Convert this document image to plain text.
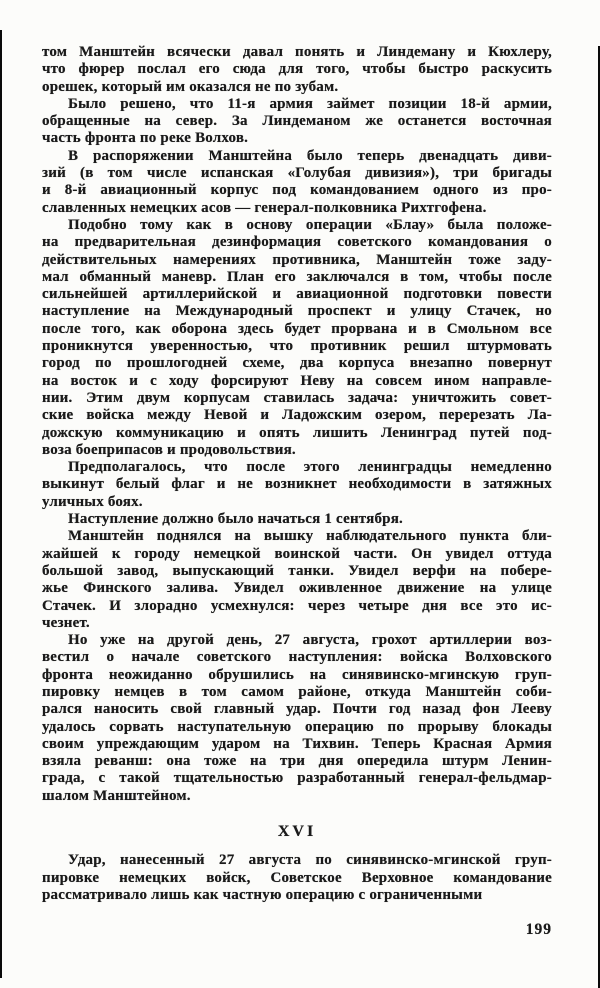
том Манштейн всячески давал понять и Линдеману и Кюхлеру,
что фюрер послал его сюда для того, чтобы быстро раскусить
орешек, который им оказался не по зубам.
Было решено, что 11-я армия займет позиции 18-й армии,
обращенные на север. За Линдеманом же останется восточная
часть фронта по реке Волхов.
В распоряжении Манштейна было теперь двенадцать диви-
зий (в том числе испанская «Голубая дивизия»), три бригады
и 8-й авиационный корпус под командованием одного из про-
славленных немецких асов — генерал-полковника Рихтгофена.
Подобно тому как в основу операции «Блау» была положе-
на предварительная дезинформация советского командования о
действительных намерениях противника, Манштейн тоже заду-
мал обманный маневр. План его заключался в том, чтобы после
сильнейшей артиллерийской и авиационной подготовки повести
наступление на Международный проспект и улицу Стачек, но
после того, как оборона здесь будет прорвана и в Смольном все
проникнутся уверенностью, что противник решил штурмовать
город по прошлогодней схеме, два корпуса внезапно повернут
на восток и с ходу форсируют Неву на совсем ином направле-
нии. Этим двум корпусам ставилась задача: уничтожить совет-
ские войска между Невой и Ладожским озером, перерезать Ла-
дожскую коммуникацию и опять лишить Ленинград путей под-
воза боеприпасов и продовольствия.
Предполагалось, что после этого ленинградцы немедленно
выкинут белый флаг и не возникнет необходимости в затяжных
уличных боях.
Наступление должно было начаться 1 сентября.
Манштейн поднялся на вышку наблюдательного пункта бли-
жайшей к городу немецкой воинской части. Он увидел оттуда
большой завод, выпускающий танки. Увидел верфи на побере-
жье Финского залива. Увидел оживленное движение на улице
Стачек. И злорадно усмехнулся: через четыре дня все это ис-
чезнет.
Но уже на другой день, 27 августа, грохот артиллерии воз-
вестил о начале советского наступления: войска Волховского
фронта неожиданно обрушились на синявинско-мгинскую груп-
пировку немцев в том самом районе, откуда Манштейн соби-
рался наносить свой главный удар. Почти год назад фон Лееву
удалось сорвать наступательную операцию по прорыву блокады
своим упреждающим ударом на Тихвин. Теперь Красная Армия
взяла реванш: она тоже на три дня опередила штурм Ленин-
града, с такой тщательностью разработанный генерал-фельдмар-
шалом Манштейном.
XVI
Удар, нанесенный 27 августа по синявинско-мгинской груп-
пировке немецких войск, Советское Верховное командование
рассматривало лишь как частную операцию с ограниченными
199
